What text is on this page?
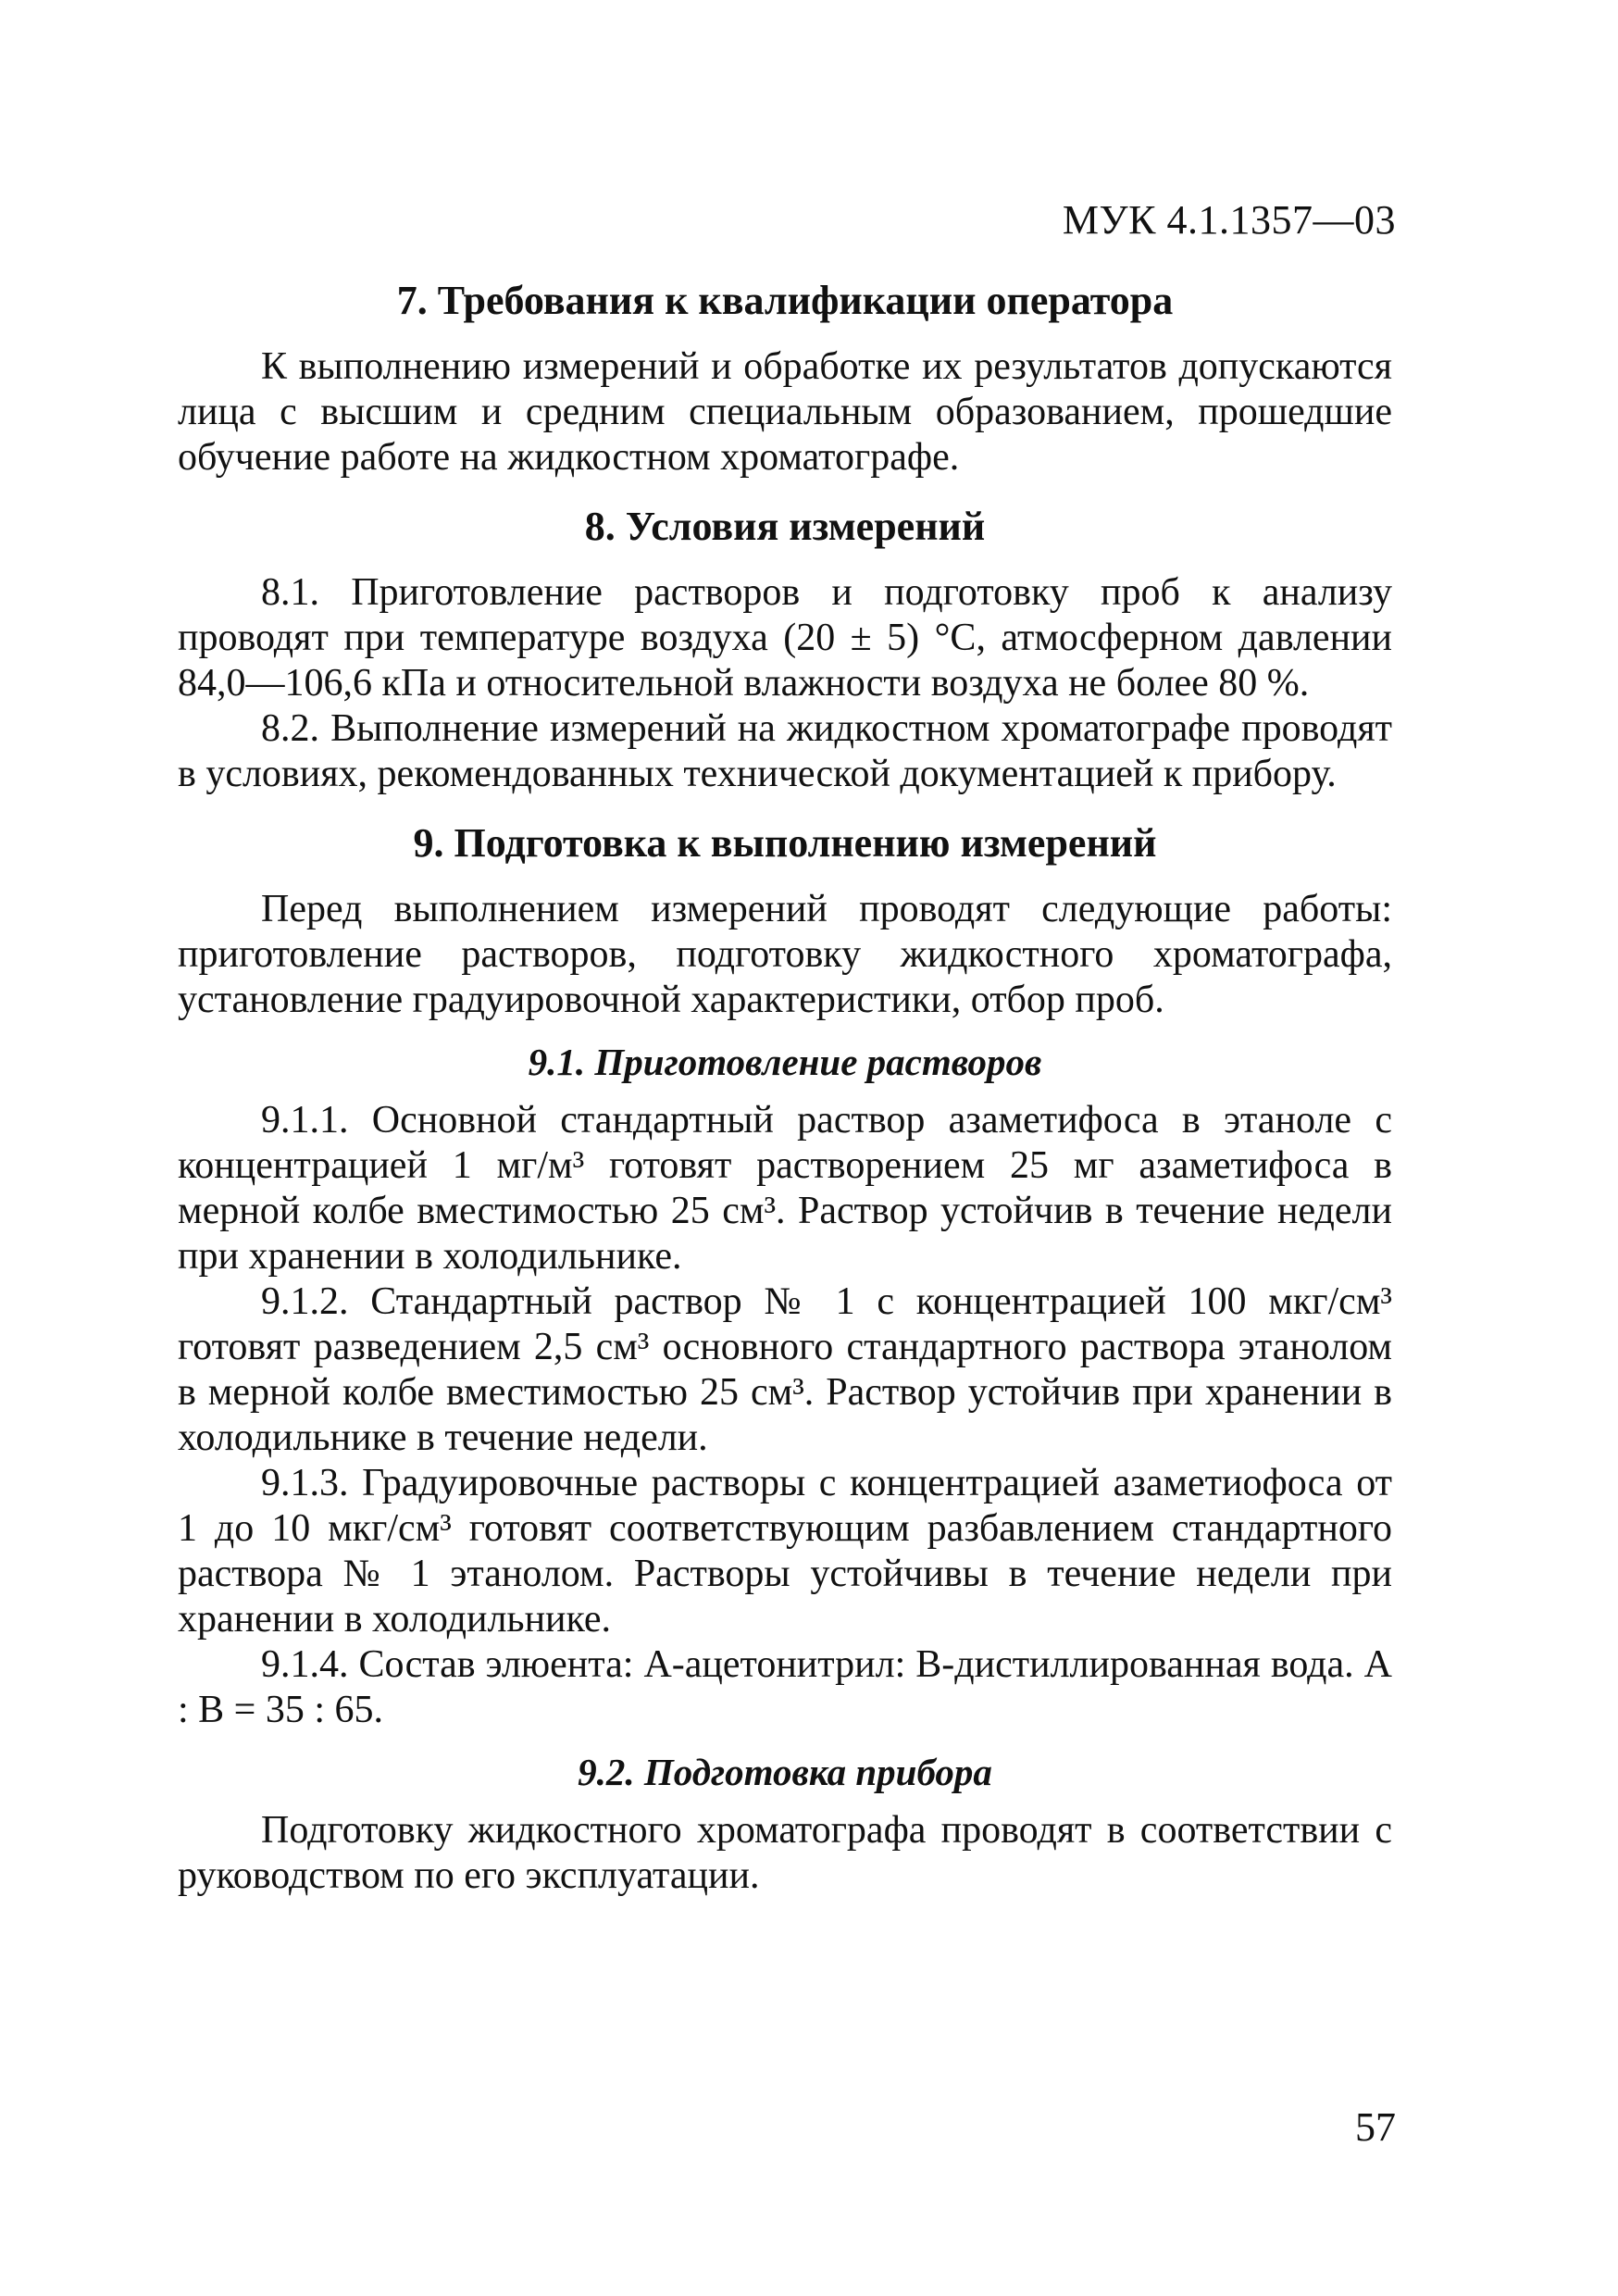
МУК 4.1.1357—03
7. Требования к квалификации оператора

К выполнению измерений и обработке их результатов допускаются лица с высшим и средним специальным образованием, прошедшие обучение работе на жидкостном хроматографе.

8. Условия измерений

8.1. Приготовление растворов и подготовку проб к анализу проводят при температуре воздуха (20 ± 5) °С, атмосферном давлении 84,0—106,6 кПа и относительной влажности воздуха не более 80 %.

8.2. Выполнение измерений на жидкостном хроматографе проводят в условиях, рекомендованных технической документацией к прибору.

9. Подготовка к выполнению измерений

Перед выполнением измерений проводят следующие работы: приготовление растворов, подготовку жидкостного хроматографа, установление градуировочной характеристики, отбор проб.

9.1. Приготовление растворов

9.1.1. Основной стандартный раствор азаметифоса в этаноле с концентрацией 1 мг/м³ готовят растворением 25 мг азаметифоса в мерной колбе вместимостью 25 см³. Раствор устойчив в течение недели при хранении в холодильнике.

9.1.2. Стандартный раствор № 1 с концентрацией 100 мкг/см³ готовят разведением 2,5 см³ основного стандартного раствора этанолом в мерной колбе вместимостью 25 см³. Раствор устойчив при хранении в холодильнике в течение недели.

9.1.3. Градуировочные растворы с концентрацией азаметиофоса от 1 до 10 мкг/см³ готовят соответствующим разбавлением стандартного раствора № 1 этанолом. Растворы устойчивы в течение недели при хранении в холодильнике.

9.1.4. Состав элюента: А-ацетонитрил: В-дистиллированная вода. А : В = 35 : 65.

9.2. Подготовка прибора

Подготовку жидкостного хроматографа проводят в соответствии с руководством по его эксплуатации.

57
